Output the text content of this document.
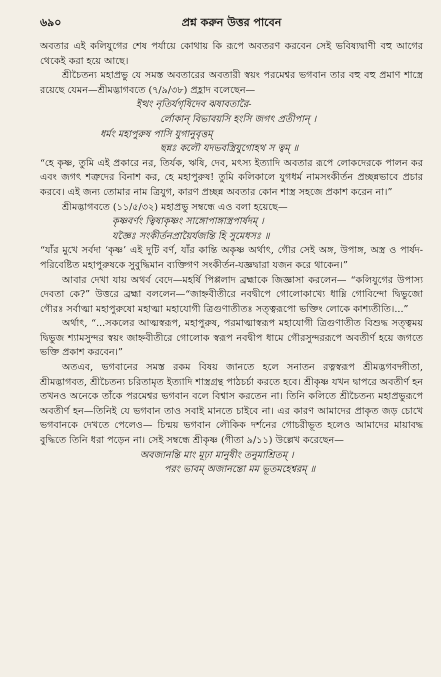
৬৯০	প্রশ্ন করুন উত্তর পাবেন

অবতার এই কলিযুগের শেষ পর্যায়ে কোথায় কি রূপে অবতরণ করবেন সেই ভবিষ্যদ্বাণী বহু আগের থেকেই করা হয়ে আছে।

শ্রীচৈতন্য মহাপ্রভু যে সমস্ত অবতারের অবতারী স্বয়ং পরমেশ্বর ভগবান তার বহু বহু প্রমাণ শাস্ত্রে রয়েছে যেমন—শ্রীমদ্ভাগবতে (৭/৯/৩৮) প্রহ্লাদ বলেছেন—

ইত্থং নৃতির্যগৃষিদেব ঝষাবতারৈ-
র্লোকান্ বিভাবয়সি হংসি জগৎ প্রতীপান্ ।
ধর্মং মহাপুরুষ পাসি যুগানুবৃত্তম্
ছন্নঃ কলৌ যদভবস্ত্রিযুগোহথ স ত্বম্ ॥

“হে কৃষ্ণ, তুমি এই প্রকারে নর, তির্যক, ঋষি, দেব, মৎস্য ইত্যাদি অবতার রূপে লোকদেরকে পালন কর এবং জগৎ শত্রুদের বিনাশ কর, হে মহাপুরুষ! তুমি কলিকালে যুগধর্ম নামসংকীর্তন প্রচ্ছন্নভাবে প্রচার করবে। এই জন্য তোমার নাম ত্রিযুগ, কারণ প্রচ্ছন্ন অবতার কোন শাস্ত্র সহজে প্রকাশ করেন না।”

শ্রীমদ্ভাগবতে (১১/৫/৩২) মহাপ্রভু সম্বন্ধে এও বলা হয়েছে—

কৃষ্ণবর্ণং ত্বিষাকৃষ্ণং সাঙ্গোপাঙ্গাস্ত্রপার্ষদম্ ।
যজ্ঞৈঃ সংকীর্তনপ্রায়ৈর্যজন্তি হি সুমেধসঃ ॥

“যাঁর মুখে সর্বদা ‘কৃষ্ণ’ এই দুটি বর্ণ, যাঁর কান্তি অকৃষ্ণ অর্থাৎ, গৌর সেই অঙ্গ, উপাঙ্গ, অস্ত্র ও পার্ষদ-পরিবেষ্টিত মহাপুরুষকে সুবুদ্ধিমান ব্যক্তিগণ সংকীর্তন-যজ্ঞদ্বারা যজন করে থাকেন।”

আবার দেখা যায় অথর্ব বেদে—মহর্ষি পিপ্পলাদ ব্রহ্মাকে জিজ্ঞাসা করলেন— “কলিযুগের উপাস্য দেবতা কে?” উত্তরে ব্রহ্মা বললেন—“জাহ্নবীতীরে নবদ্বীপে গোলোকাখ্যে ধাম্নি গোবিন্দো দ্বিভুজো গৌরঃ সর্বাত্মা মহাপুরুষো মহাত্মা মহাযোগী ত্রিগুণাতীতঃ সত্ত্বরূপো ভক্তিং লোকে কাশ্যতীতি।...”

অর্থাৎ, “...সকলের আত্মস্বরূপ, মহাপুরুষ, পরমাত্মাস্বরূপ মহাযোগী ত্রিগুণাতীত বিশুদ্ধ সত্ত্বময় দ্বিভুজ শ্যামসুন্দর স্বয়ং জাহ্নবীতীরে গোলোক স্বরূপ নবদ্বীপ ধামে গৌরসুন্দররূপে অবতীর্ণ হয়ে জগতে ভক্তি প্রকাশ করবেন।”

অতএব, ভগবানের সমস্ত রকম বিষয় জানতে হলে সনাতন রত্নস্বরূপ শ্রীমদ্ভগবদ্গীতা, শ্রীমদ্ভাগবত, শ্রীচৈতন্য চরিতামৃত ইত্যাদি শাস্ত্রগ্রন্থ পাঠচর্চা করতে হবে। শ্রীকৃষ্ণ যখন দ্বাপরে অবতীর্ণ হন তখনও অনেকে তাঁকে পরমেশ্বর ভগবান বলে বিশ্বাস করতেন না। তিনি কলিতে শ্রীচৈতন্য মহাপ্রভুরূপে অবতীর্ণ হন—তিনিই যে ভগবান তাও সবাই মানতে চাইবে না। এর কারণ আমাদের প্রাকৃত জড় চোখে ভগবানকে দেখতে পেলেও— চিন্ময় ভগবান লৌকিক দর্শনের গোচরীভূত হলেও আমাদের মায়াবদ্ধ বুদ্ধিতে তিনি ধরা পড়েন না। সেই সম্বন্ধে শ্রীকৃষ্ণ (গীতা ৯/১১) উল্লেখ করেছেন—

অবজানন্তি মাং মূঢ়া মানুষীং তনুমাশ্রিতম্ ।
পরং ভাবম্ অজানন্তো মম ভূতমহেশ্বরম্ ॥
